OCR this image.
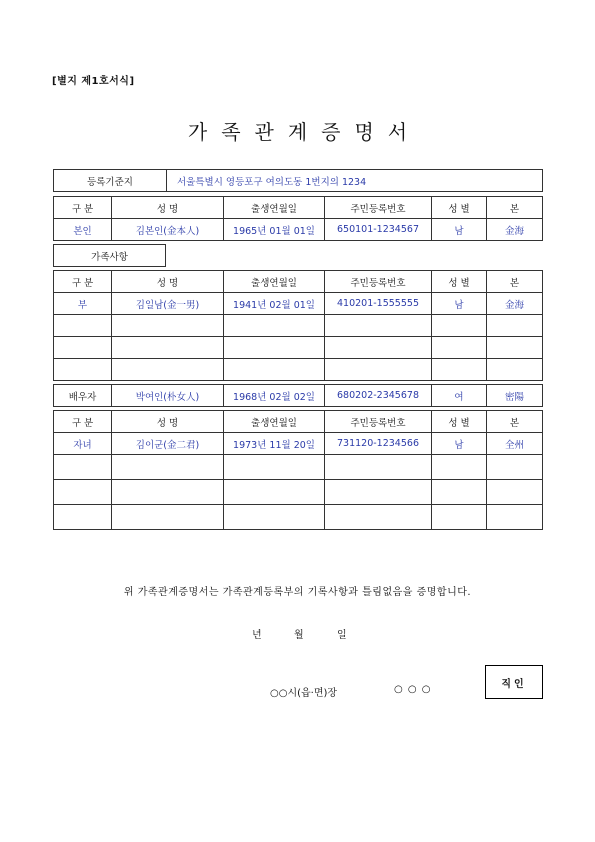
[별지 제1호서식]
가족관계증명서
등록기준지	서울특별시 영등포구 여의도동 1번지의 1234
구 분	성 명	출생연월일	주민등록번호	성 별	본
본인	김본인(金本人)	1965년 01월 01일	650101-1234567	남	金海
가족사항
구 분	성 명	출생연월일	주민등록번호	성 별	본
부	김일남(金一男)	1941년 02월 01일	410201-1555555	남	金海

배우자	박여인(朴女人)	1968년 02월 02일	680202-2345678	여	密陽
구 분	성 명	출생연월일	주민등록번호	성 별	본
자녀	김이군(金二君)	1973년 11월 20일	731120-1234566	남	全州

위 가족관계증명서는 가족관계등록부의 기록사항과 틀림없음을 증명합니다.
년	월	일
○○시(읍·면)장	○ ○ ○	직인
